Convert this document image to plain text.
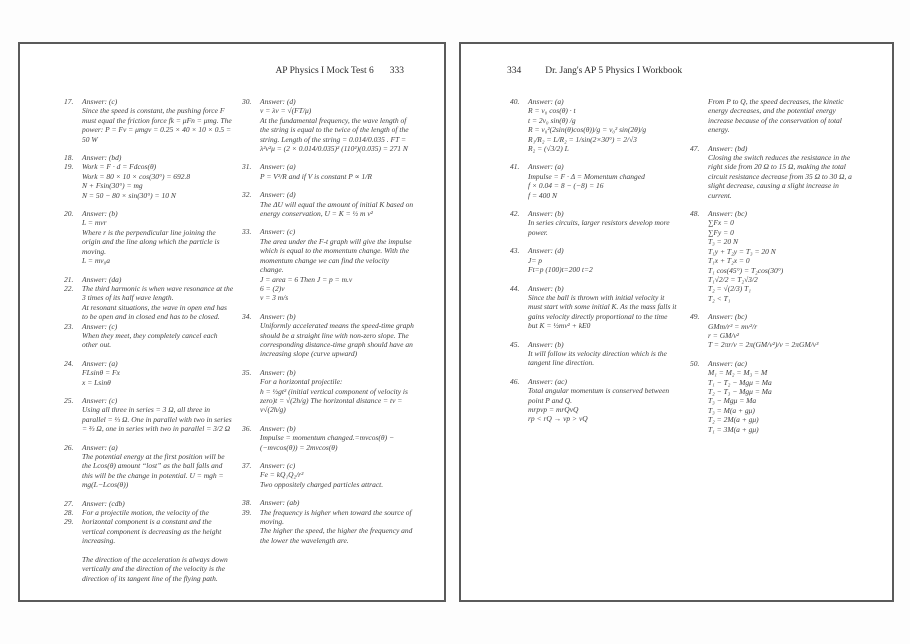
AP Physics I Mock Test 6 333
17.	Answer: (c)
Since the speed is constant, the pushing force F must equal the friction force fk = μFn = μmg. The power: P = Fv = μmgv = 0.25 × 40 × 10 × 0.5 = 50 W
18.	Answer: (bd)
19.	Work = F · d = Fdcos(θ)
Work = 80 × 10 × cos(30°) = 692.8
N + Fsin(30°) = mg
N = 50 − 80 × sin(30°) = 10 N
20.	Answer: (b)
L = mvr
Where r is the perpendicular line joining the origin and the line along which the particle is moving.
L = mv₀a
21.	Answer: (da)
22.	The third harmonic is when wave resonance at the 3 times of its half wave length.
At resonant situations, the wave in open end has to be open and in closed end has to be closed.
23.	Answer: (c)
When they meet, they completely cancel each other out.
24.	Answer: (a)
FLsinθ = Fx
x = Lsinθ
25.	Answer: (c)
Using all three in series = 3 Ω, all three in parallel = ⅓ Ω. One in parallel with two in series = ⅔ Ω, one in series with two in parallel = 3/2 Ω
26.	Answer: (a)
The potential energy at the first position will be the Lcos(θ) amount “lost” as the ball falls and this will be the change in potential. U = mgh = mg(L−Lcos(θ))
27.	Answer: (cdb)
28.
29.
For a projectile motion, the velocity of the horizontal component is a constant and the vertical component is decreasing as the height increasing.
The direction of the acceleration is always down vertically and the direction of the velocity is the direction of its tangent line of the flying path.
30.	Answer: (d)
v = λv = √(FT/μ)
At the fundamental frequency, the wave length of the string is equal to the twice of the length of the string. Length of the string = 0.014/0.035 . FT = λ²v²μ = (2 × 0.014/0.035)² (110²)(0.035) = 271 N
31.	Answer: (a)
P = V²/R and if V is constant P ∝ 1/R
32.	Answer: (d)
The ΔU will equal the amount of initial K based on energy conservation, U = K = ½ m v²
33.	Answer: (c)
The area under the F-t graph will give the impulse which is equal to the momentum change. With the momentum change we can find the velocity change.
J = area = 6 Then J = p = m.v
6 = (2)v
v = 3 m/s
34.	Answer: (b)
Uniformly accelerated means the speed-time graph should be a straight line with non-zero slope. The corresponding distance-time graph should have an increasing slope (curve upward)
35.	Answer: (b)
For a horizontal projectile:
h = ½gt² (initial vertical component of velocity is zero)t = √(2h/g) The horizontal distance = tv = v√(2h/g)
36.	Answer: (b)
Impulse = momentum changed.=mvcos(θ) − (−mvcos(θ)) = 2mvcos(θ)
37.	Answer: (c)
Fe = kQ₁Q₂/r²
Two oppositely charged particles attract.
38.	Answer: (ab)
39.	The frequency is higher when toward the source of moving.
The higher the speed, the higher the frequency and the lower the wavelength are.
334	Dr. Jang's AP 5 Physics I Workbook
40.	Answer: (a)
R = v₀ cos(θ) · t
t = 2v₀ sin(θ) /g
R = v₀²(2sin(θ)cos(θ))/g = v₀² sin(2θ)/g
R₁/R₂ = L/R₂ = 1/sin(2×30°) = 2/√3
R₂ = (√3/2) L
41.	Answer: (a)
Impulse = F · Δ = Momentum changed
f × 0.04 = 8 − (−8) = 16
f = 400 N
42.	Answer: (b)
In series circuits, larger resistors develop more power.
43.	Answer: (d)
J= p
Ft=p (100)t=200 t=2
44.	Answer: (b)
Since the ball is thrown with initial velocity it must start with some initial K. As the mass falls it gains velocity directly proportional to the time but K = ½mv² + kE0
45.	Answer: (b)
It will follow its velocity direction which is the tangent line direction.
46.	Answer: (ac)
Total angular momentum is conserved between point P and Q.
mrpvp = mrQvQ
rp < rQ → vp > vQ
From P to Q, the speed decreases, the kinetic energy decreases, and the potential energy increase because of the conservation of total energy.
47.	Answer: (bd)
Closing the switch reduces the resistance in the right side from 20 Ω to 15 Ω, making the total circuit resistance decrease from 35 Ω to 30 Ω, a slight decrease, causing a slight increase in current.
48.	Answer: (bc)
∑Fx = 0
∑Fy = 0
T₃ = 20 N
T₁y + T₂y = T₃ = 20 N
T₁x + T₂x = 0
T₁ cos(45°) = T₂cos(30°)
T₁√2/2 = T₂√3/2
T₂ = √(2/3) T₁
T₂ < T₁
49.	Answer: (bc)
GMm/r² = mv²/r
r = GM/v²
T = 2πr/v = 2π(GM/v²)/v = 2πGM/v³
50.	Answer: (ac)
M₁ = M₂ = M₃ = M
T₁ − T₂ − Mgμ = Ma
T₂ − T₃ − Mgμ = Ma
T₃ − Mgμ = Ma
T₃ = M(a + gμ)
T₂ = 2M(a + gμ)
T₁ = 3M(a + gμ)
